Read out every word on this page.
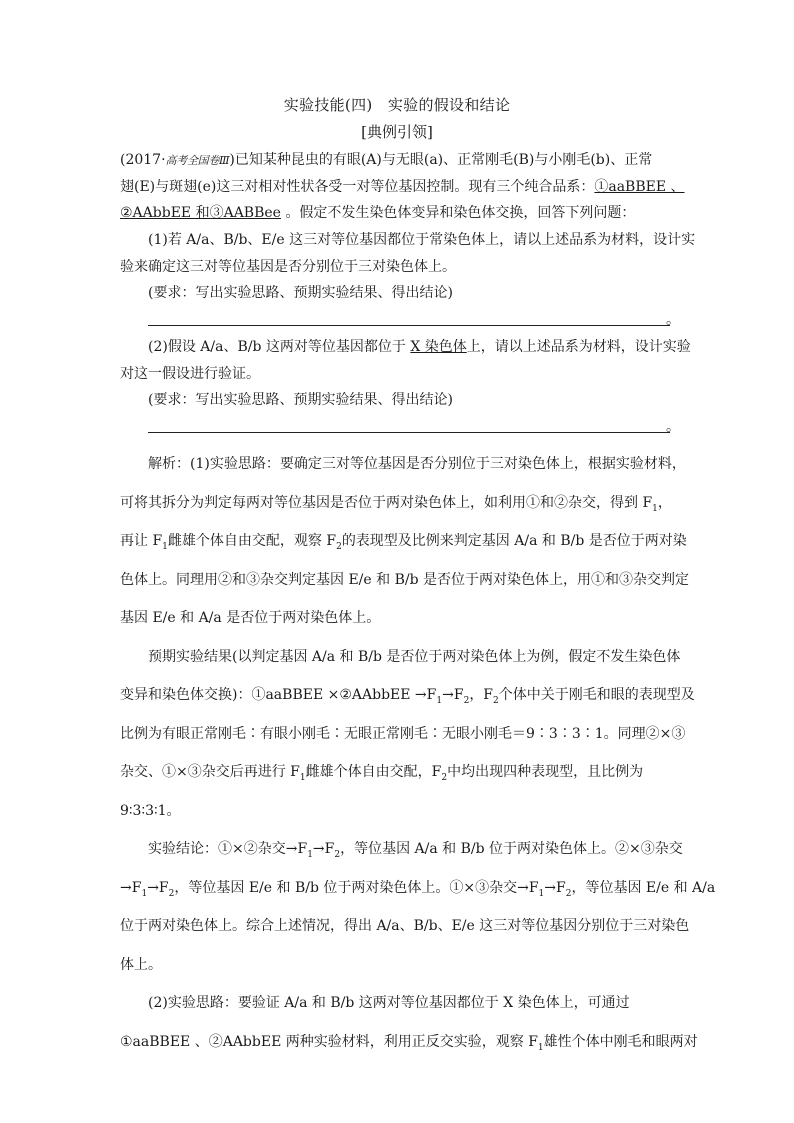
实验技能(四)　实验的假设和结论
[典例引领]
(2017·高考全国卷Ⅲ)已知某种昆虫的有眼(A)与无眼(a)、正常刚毛(B)与小刚毛(b)、正常
翅(E)与斑翅(e)这三对相对性状各受一对等位基因控制。现有三个纯合品系：①aaBBEE 、
②AAbbEE 和③AABBee 。假定不发生染色体变异和染色体交换，回答下列问题：
(1)若 A/a、B/b、E/e 这三对等位基因都位于常染色体上，请以上述品系为材料，设计实
验来确定这三对等位基因是否分别位于三对染色体上。
(要求：写出实验思路、预期实验结果、得出结论)
。
(2)假设 A/a、B/b 这两对等位基因都位于 X 染色体上，请以上述品系为材料，设计实验
对这一假设进行验证。
(要求：写出实验思路、预期实验结果、得出结论)
。
解析：(1)实验思路：要确定三对等位基因是否分别位于三对染色体上，根据实验材料，
可将其拆分为判定每两对等位基因是否位于两对染色体上，如利用①和②杂交，得到 $F_1$，
再让 $F_1$雌雄个体自由交配，观察 $F_2$的表现型及比例来判定基因 A/a 和 B/b 是否位于两对染
色体上。同理用②和③杂交判定基因 E/e 和 B/b 是否位于两对染色体上，用①和③杂交判定
基因 E/e 和 A/a 是否位于两对染色体上。
预期实验结果(以判定基因 A/a 和 B/b 是否位于两对染色体上为例，假定不发生染色体
变异和染色体交换)：①aaBBEE ×②AAbbEE $\to F_1\to F_2$，$F_2$个体中关于刚毛和眼的表现型及
比例为有眼正常刚毛∶有眼小刚毛∶无眼正常刚毛∶无眼小刚毛＝9∶3∶3∶1。同理②×③
杂交、①×③杂交后再进行 $F_1$雌雄个体自由交配，$F_2$中均出现四种表现型，且比例为
9∶3∶3∶1。
实验结论：①×②杂交$\to F_1\to F_2$，等位基因 A/a 和 B/b 位于两对染色体上。②×③杂交
$\to F_1\to F_2$，等位基因 E/e 和 B/b 位于两对染色体上。①×③杂交$\to F_1\to F_2$，等位基因 E/e 和 A/a
位于两对染色体上。综合上述情况，得出 A/a、B/b、E/e 这三对等位基因分别位于三对染色
体上。
(2)实验思路：要验证 A/a 和 B/b 这两对等位基因都位于 X 染色体上，可通过
①aaBBEE 、②AAbbEE 两种实验材料，利用正反交实验，观察 $F_1$雄性个体中刚毛和眼两对
